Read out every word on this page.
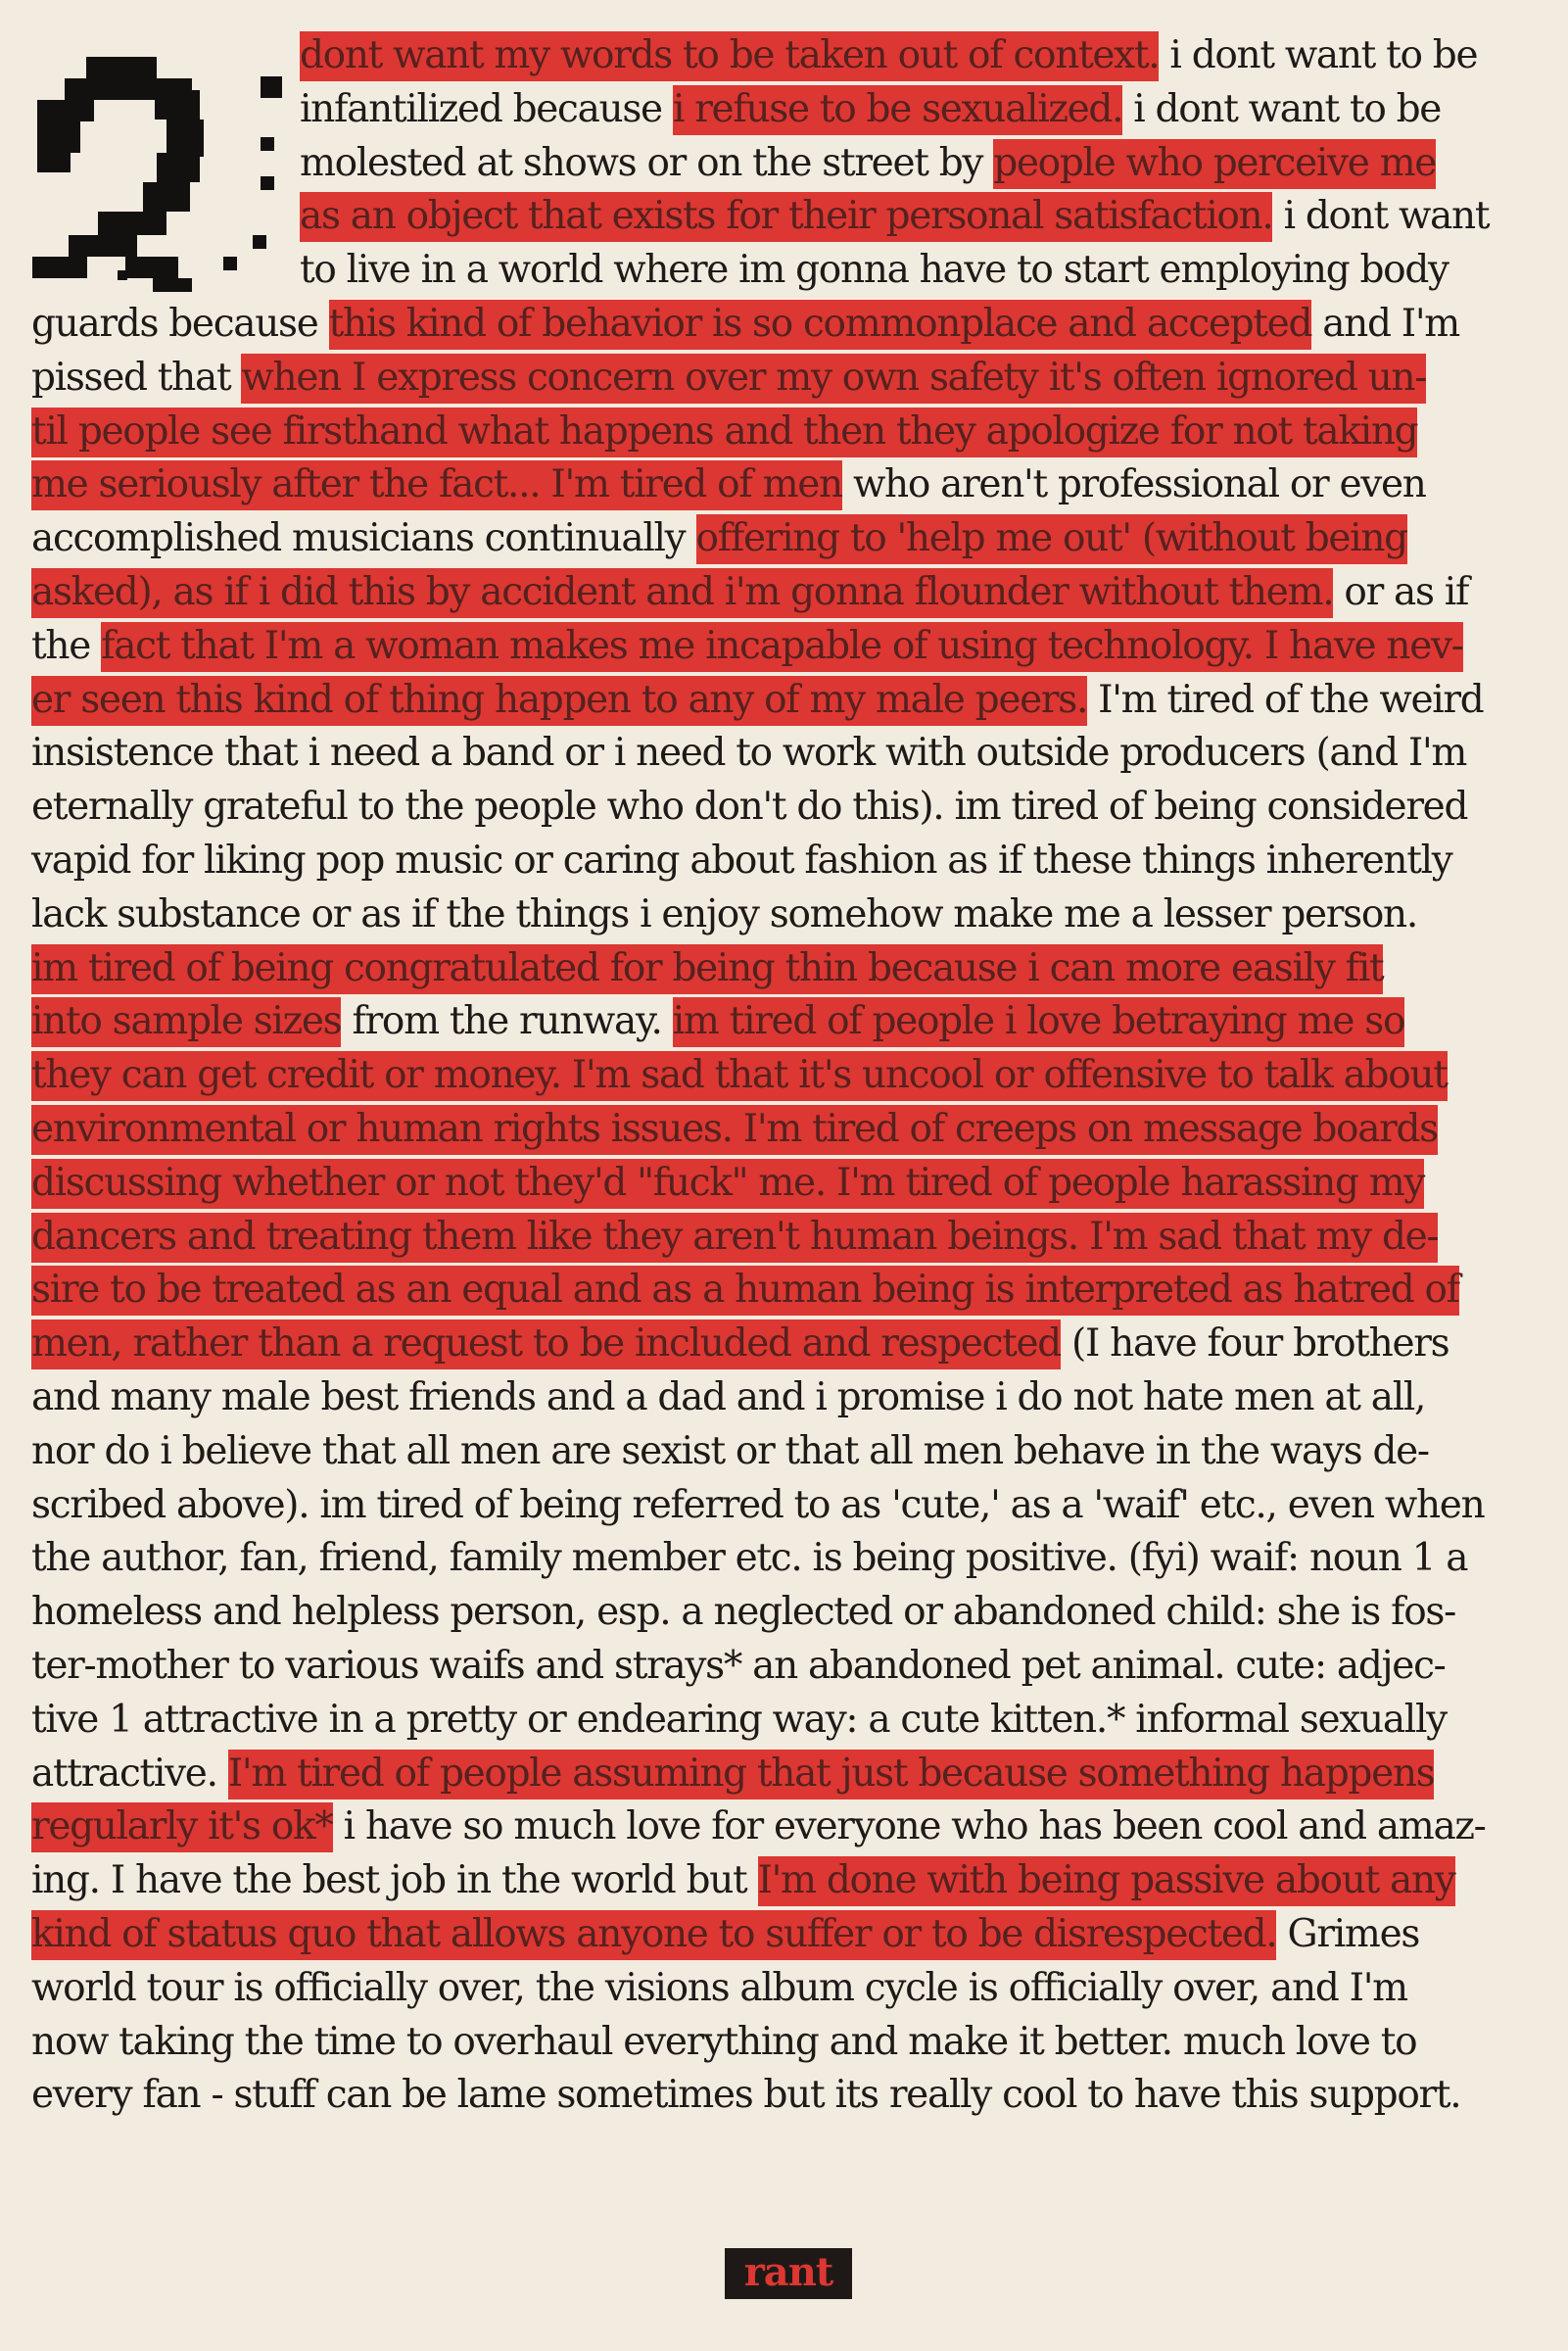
dont want my words to be taken out of context. i dont want to be
infantilized because i refuse to be sexualized. i dont want to be
molested at shows or on the street by people who perceive me
as an object that exists for their personal satisfaction. i dont want
to live in a world where im gonna have to start employing body
guards because this kind of behavior is so commonplace and accepted and I'm
pissed that when I express concern over my own safety it's often ignored un-
til people see firsthand what happens and then they apologize for not taking
me seriously after the fact... I'm tired of men who aren't professional or even
accomplished musicians continually offering to 'help me out' (without being
asked), as if i did this by accident and i'm gonna flounder without them. or as if
the fact that I'm a woman makes me incapable of using technology. I have nev-
er seen this kind of thing happen to any of my male peers. I'm tired of the weird
insistence that i need a band or i need to work with outside producers (and I'm
eternally grateful to the people who don't do this). im tired of being considered
vapid for liking pop music or caring about fashion as if these things inherently
lack substance or as if the things i enjoy somehow make me a lesser person.
im tired of being congratulated for being thin because i can more easily fit
into sample sizes from the runway. im tired of people i love betraying me so
they can get credit or money. I'm sad that it's uncool or offensive to talk about
environmental or human rights issues. I'm tired of creeps on message boards
discussing whether or not they'd "fuck" me. I'm tired of people harassing my
dancers and treating them like they aren't human beings. I'm sad that my de-
sire to be treated as an equal and as a human being is interpreted as hatred of
men, rather than a request to be included and respected (I have four brothers
and many male best friends and a dad and i promise i do not hate men at all,
nor do i believe that all men are sexist or that all men behave in the ways de-
scribed above). im tired of being referred to as 'cute,' as a 'waif' etc., even when
the author, fan, friend, family member etc. is being positive. (fyi) waif: noun 1 a
homeless and helpless person, esp. a neglected or abandoned child: she is fos-
ter-mother to various waifs and strays* an abandoned pet animal. cute: adjec-
tive 1 attractive in a pretty or endearing way: a cute kitten.* informal sexually
attractive. I'm tired of people assuming that just because something happens
regularly it's ok* i have so much love for everyone who has been cool and amaz-
ing. I have the best job in the world but I'm done with being passive about any
kind of status quo that allows anyone to suffer or to be disrespected. Grimes
world tour is officially over, the visions album cycle is officially over, and I'm
now taking the time to overhaul everything and make it better. much love to
every fan - stuff can be lame sometimes but its really cool to have this support.
rant
